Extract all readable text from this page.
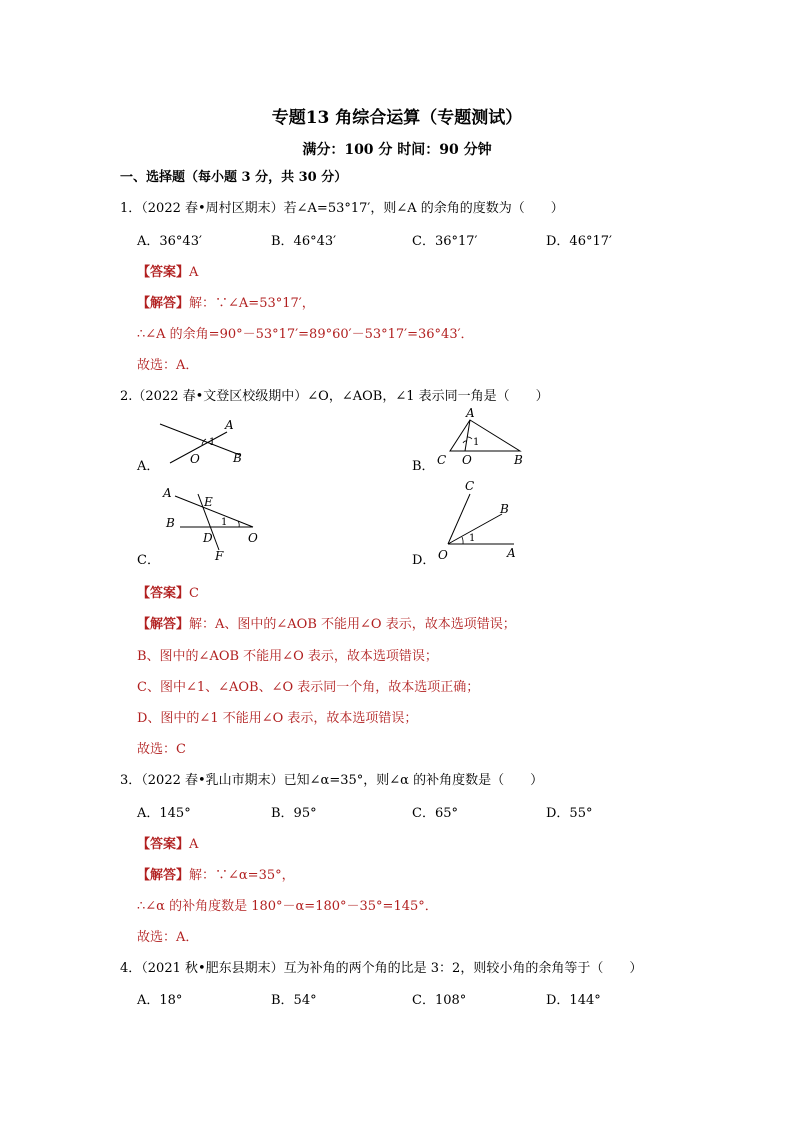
专题13 角综合运算（专题测试）
满分：100 分 时间：90 分钟
一、选择题（每小题 3 分，共 30 分）
1．（2022 春•周村区期末）若∠A=53°17′，则∠A 的余角的度数为（　　）
A．36°43′	B．46°43′	C．36°17′	D．46°17′
【答案】A
【解答】解：∵∠A=53°17′，
∴∠A 的余角=90°－53°17′=89°60′－53°17′=36°43′．
故选：A．
2.（2022 春•文登区校级期中）∠O，∠AOB，∠1 表示同一角是（　　）
A．	B．
C．	D．
A
1
O	B
A
1
C O	B
A
E
B	1
D
F
O
C
B
1
O	A
【答案】C
【解答】解：A、图中的∠AOB 不能用∠O 表示，故本选项错误；
B、图中的∠AOB 不能用∠O 表示，故本选项错误；
C、图中∠1、∠AOB、∠O 表示同一个角，故本选项正确；
D、图中的∠1 不能用∠O 表示，故本选项错误；
故选：C
3．（2022 春•乳山市期末）已知∠α=35°，则∠α 的补角度数是（　　）
A．145°	B．95°	C．65°	D．55°
【答案】A
【解答】解：∵∠α=35°，
∴∠α 的补角度数是 180°－α=180°－35°=145°．
故选：A．
4．（2021 秋•肥东县期末）互为补角的两个角的比是 3：2，则较小角的余角等于（　　）
A．18°	B．54°	C．108°	D．144°
